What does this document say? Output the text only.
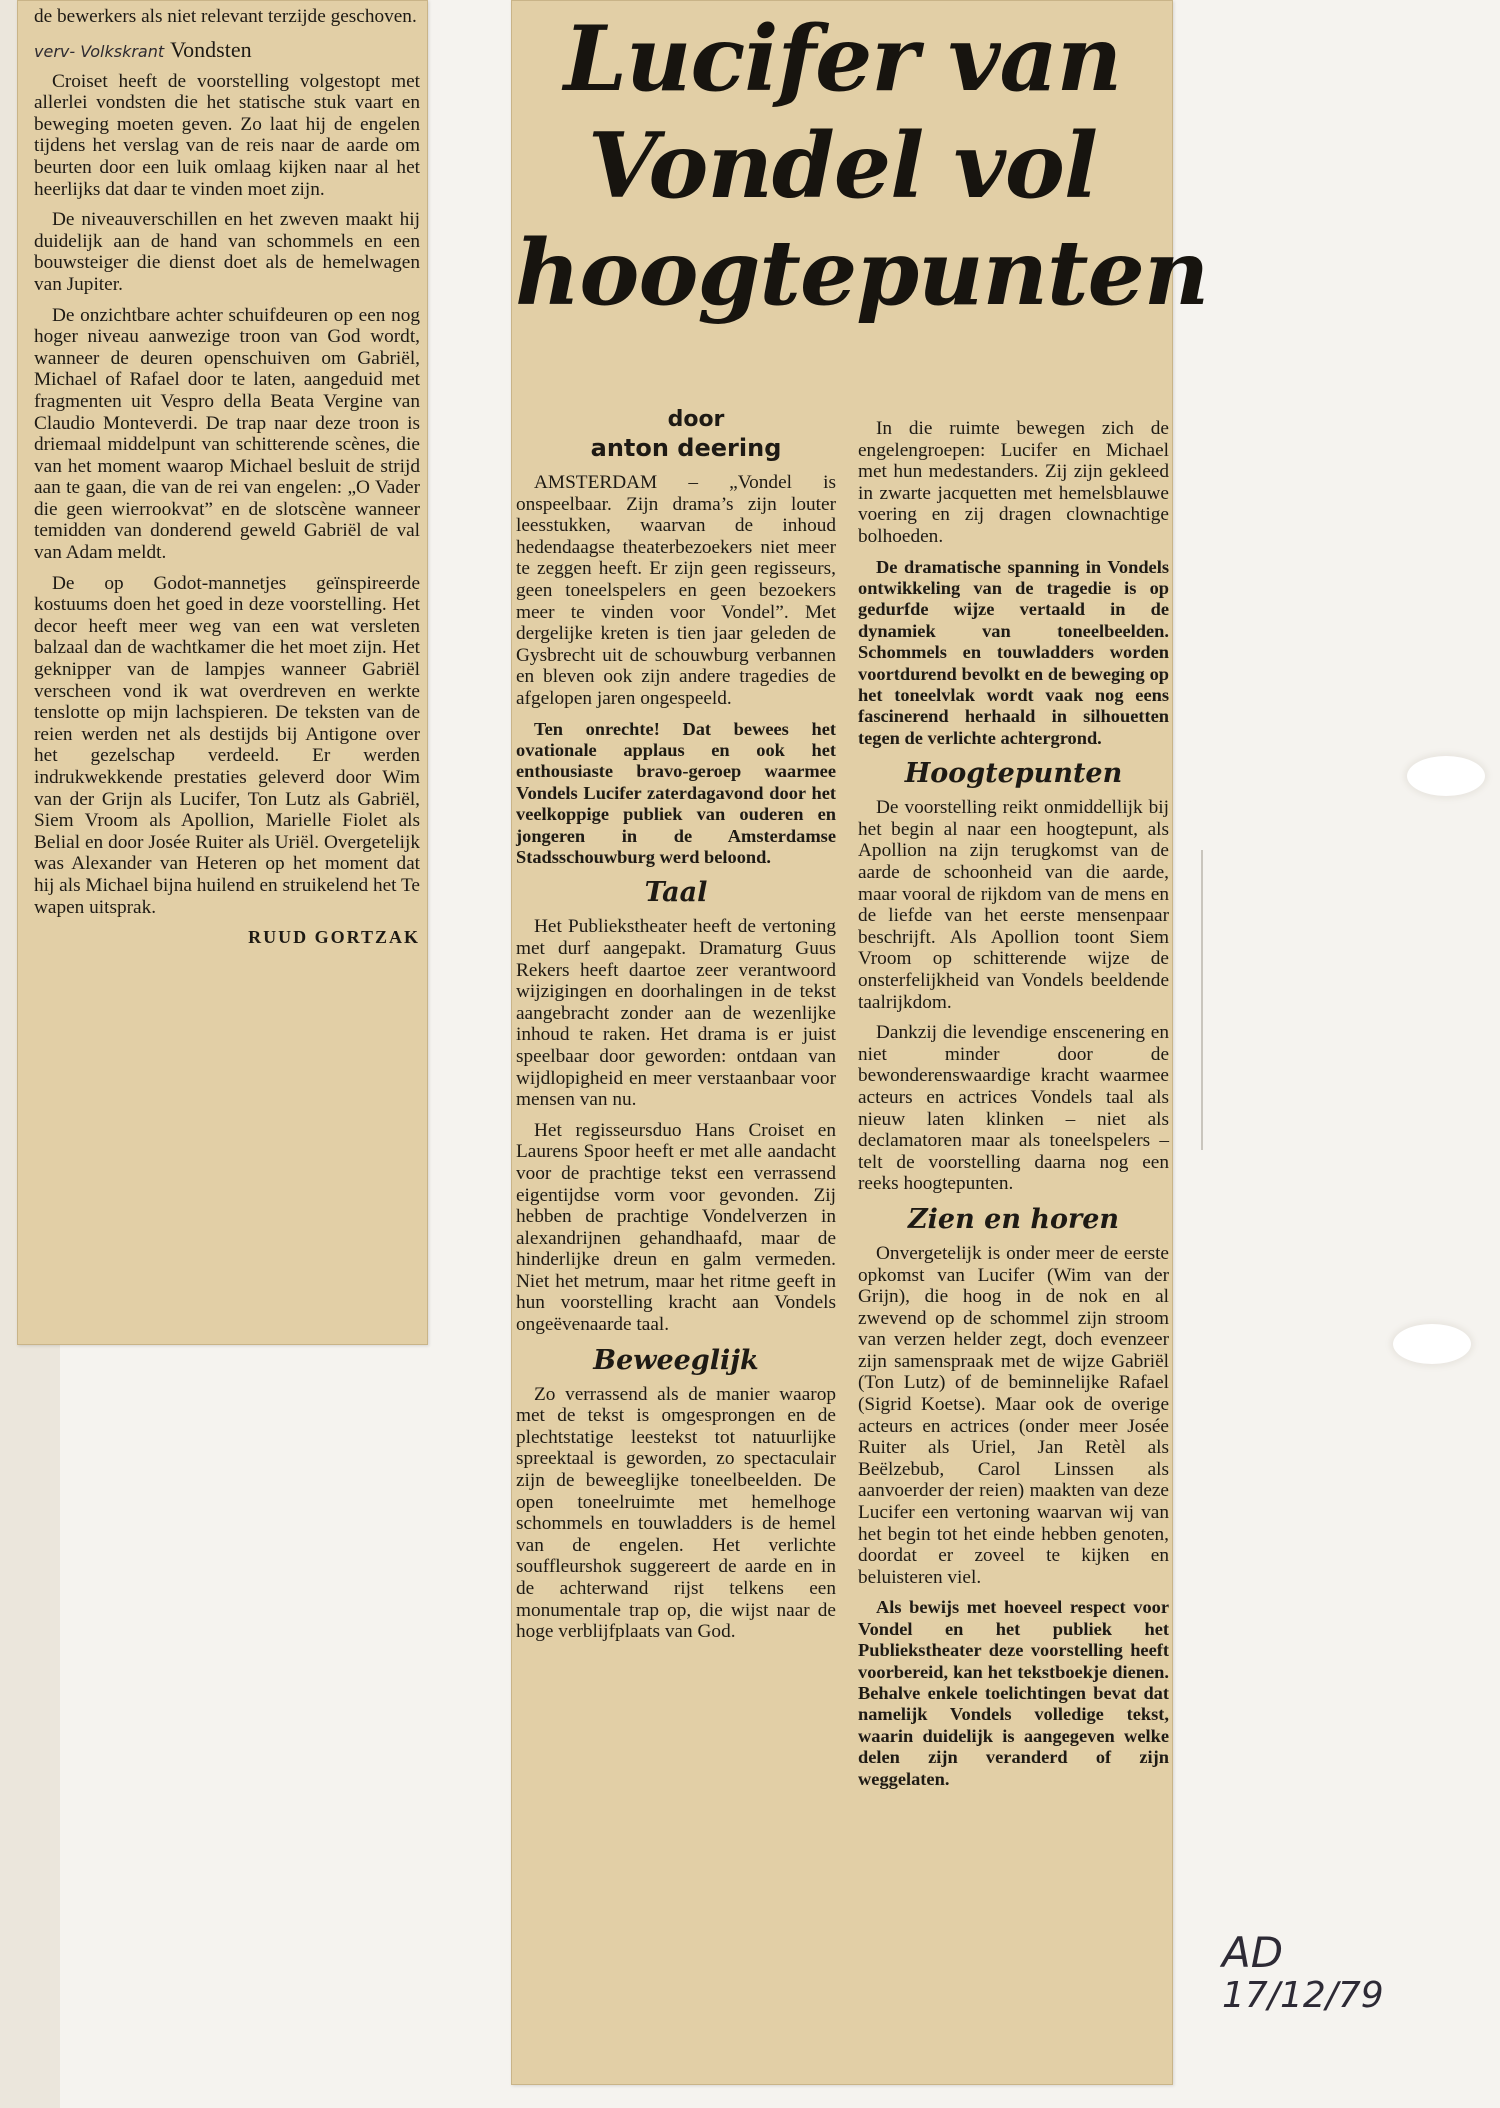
de bewerkers als niet relevant terzijde geschoven.

verv- Volkskrant Vondsten

Croiset heeft de voorstelling volgestopt met allerlei vondsten die het statische stuk vaart en beweging moeten geven. Zo laat hij de engelen tijdens het verslag van de reis naar de aarde om beurten door een luik omlaag kijken naar al het heerlijks dat daar te vinden moet zijn.

De niveauverschillen en het zweven maakt hij duidelijk aan de hand van schommels en een bouwsteiger die dienst doet als de hemelwagen van Jupiter.

De onzichtbare achter schuifdeuren op een nog hoger niveau aanwezige troon van God wordt, wanneer de deuren openschuiven om Gabriël, Michael of Rafael door te laten, aangeduid met fragmenten uit Vespro della Beata Vergine van Claudio Monteverdi. De trap naar deze troon is driemaal middelpunt van schitterende scènes, die van het moment waarop Michael besluit de strijd aan te gaan, die van de rei van engelen: „O Vader die geen wierrookvat” en de slotscène wanneer temidden van donderend geweld Gabriël de val van Adam meldt.

De op Godot-mannetjes geïnspireerde kostuums doen het goed in deze voorstelling. Het decor heeft meer weg van een wat versleten balzaal dan de wachtkamer die het moet zijn. Het geknipper van de lampjes wanneer Gabriël verscheen vond ik wat overdreven en werkte tenslotte op mijn lachspieren. De teksten van de reien werden net als destijds bij Antigone over het gezelschap verdeeld. Er werden indrukwekkende prestaties geleverd door Wim van der Grijn als Lucifer, Ton Lutz als Gabriël, Siem Vroom als Apollion, Marielle Fiolet als Belial en door Josée Ruiter als Uriël. Overgetelijk was Alexander van Heteren op het moment dat hij als Michael bijna huilend en struikelend het Te wapen uitsprak.

RUUD GORTZAK
Lucifer van
Vondel vol
hoogtepunten
door
anton deering

AMSTERDAM – „Vondel is onspeelbaar. Zijn drama’s zijn louter leesstukken, waarvan de inhoud hedendaagse theaterbezoekers niet meer te zeggen heeft. Er zijn geen regisseurs, geen toneelspelers en geen bezoekers meer te vinden voor Vondel”. Met dergelijke kreten is tien jaar geleden de Gysbrecht uit de schouwburg verbannen en bleven ook zijn andere tragedies de afgelopen jaren ongespeeld.

Ten onrechte! Dat bewees het ovationale applaus en ook het enthousiaste bravo-geroep waarmee Vondels Lucifer zaterdagavond door het veelkoppige publiek van ouderen en jongeren in de Amsterdamse Stadsschouwburg werd beloond.

Taal

Het Publiekstheater heeft de vertoning met durf aangepakt. Dramaturg Guus Rekers heeft daartoe zeer verantwoord wijzigingen en doorhalingen in de tekst aangebracht zonder aan de wezenlijke inhoud te raken. Het drama is er juist speelbaar door geworden: ontdaan van wijdlopigheid en meer verstaanbaar voor mensen van nu.

Het regisseursduo Hans Croiset en Laurens Spoor heeft er met alle aandacht voor de prachtige tekst een verrassend eigentijdse vorm voor gevonden. Zij hebben de prachtige Vondelverzen in alexandrijnen gehandhaafd, maar de hinderlijke dreun en galm vermeden. Niet het metrum, maar het ritme geeft in hun voorstelling kracht aan Vondels ongeëvenaarde taal.

Beweeglijk

Zo verrassend als de manier waarop met de tekst is omgesprongen en de plechtstatige leestekst tot natuurlijke spreektaal is geworden, zo spectaculair zijn de beweeglijke toneelbeelden. De open toneelruimte met hemelhoge schommels en touwladders is de hemel van de engelen. Het verlichte souffleurshok suggereert de aarde en in de achterwand rijst telkens een monumentale trap op, die wijst naar de hoge verblijfplaats van God.

In die ruimte bewegen zich de engelengroepen: Lucifer en Michael met hun medestanders. Zij zijn gekleed in zwarte jacquetten met hemelsblauwe voering en zij dragen clownachtige bolhoeden.

De dramatische spanning in Vondels ontwikkeling van de tragedie is op gedurfde wijze vertaald in de dynamiek van toneelbeelden. Schommels en touwladders worden voortdurend bevolkt en de beweging op het toneelvlak wordt vaak nog eens fascinerend herhaald in silhouetten tegen de verlichte achtergrond.

Hoogtepunten

De voorstelling reikt onmiddellijk bij het begin al naar een hoogtepunt, als Apollion na zijn terugkomst van de aarde de schoonheid van die aarde, maar vooral de rijkdom van de mens en de liefde van het eerste mensenpaar beschrijft. Als Apollion toont Siem Vroom op schitterende wijze de onsterfelijkheid van Vondels beeldende taalrijkdom.

Dankzij die levendige enscenering en niet minder door de bewonderenswaardige kracht waarmee acteurs en actrices Vondels taal als nieuw laten klinken – niet als declamatoren maar als toneelspelers – telt de voorstelling daarna nog een reeks hoogtepunten.

Zien en horen

Onvergetelijk is onder meer de eerste opkomst van Lucifer (Wim van der Grijn), die hoog in de nok en al zwevend op de schommel zijn stroom van verzen helder zegt, doch evenzeer zijn samenspraak met de wijze Gabriël (Ton Lutz) of de beminnelijke Rafael (Sigrid Koetse). Maar ook de overige acteurs en actrices (onder meer Josée Ruiter als Uriel, Jan Retèl als Beëlzebub, Carol Linssen als aanvoerder der reien) maakten van deze Lucifer een vertoning waarvan wij van het begin tot het einde hebben genoten, doordat er zoveel te kijken en beluisteren viel.

Als bewijs met hoeveel respect voor Vondel en het publiek het Publiekstheater deze voorstelling heeft voorbereid, kan het tekstboekje dienen. Behalve enkele toelichtingen bevat dat namelijk Vondels volledige tekst, waarin duidelijk is aangegeven welke delen zijn veranderd of zijn weggelaten.

AD
17/12/79
